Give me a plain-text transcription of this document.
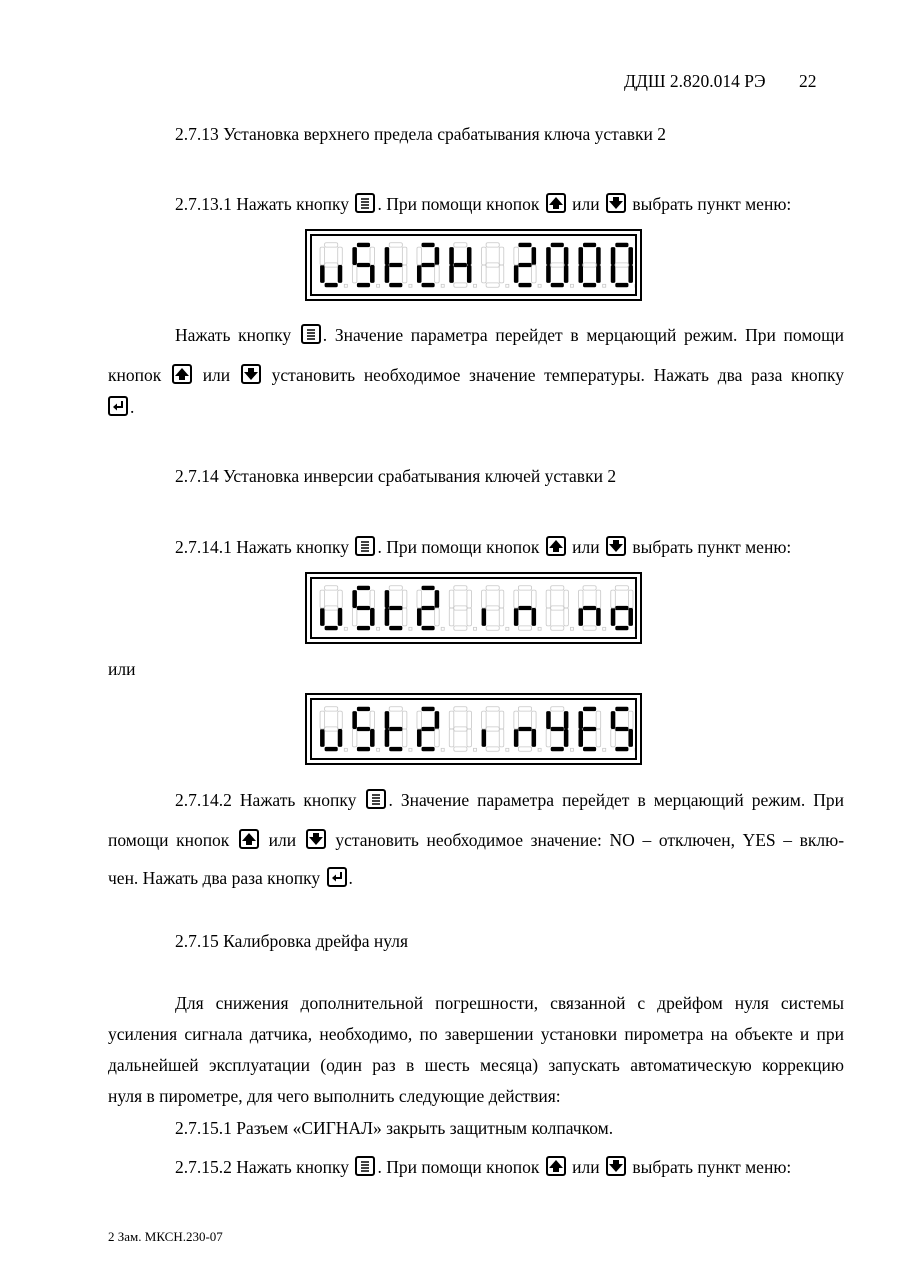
ДДШ 2.820.014 РЭ 22
2.7.13 Установка верхнего предела срабатывания ключа уставки 2
2.7.13.1 Нажать кнопку . При помощи кнопок или выбрать пункт меню:
Нажать кнопку . Значение параметра перейдет в мерцающий режим. При помощи
кнопок или установить необходимое значение температуры. Нажать два раза кнопку
.
2.7.14 Установка инверсии срабатывания ключей уставки 2
2.7.14.1 Нажать кнопку . При помощи кнопок или выбрать пункт меню:
или
2.7.14.2 Нажать кнопку . Значение параметра перейдет в мерцающий режим. При
помощи кнопок или установить необходимое значение: NO – отключен, YES – вклю-
чен. Нажать два раза кнопку .
2.7.15 Калибровка дрейфа нуля
Для снижения дополнительной погрешности, связанной с дрейфом нуля системы
усиления сигнала датчика, необходимо, по завершении установки пирометра на объекте и при
дальнейшей эксплуатации (один раз в шесть месяца) запускать автоматическую коррекцию
нуля в пирометре, для чего выполнить следующие действия:
2.7.15.1 Разъем «СИГНАЛ» закрыть защитным колпачком.
2.7.15.2 Нажать кнопку . При помощи кнопок или выбрать пункт меню:
2 Зам. МКСН.230-07
